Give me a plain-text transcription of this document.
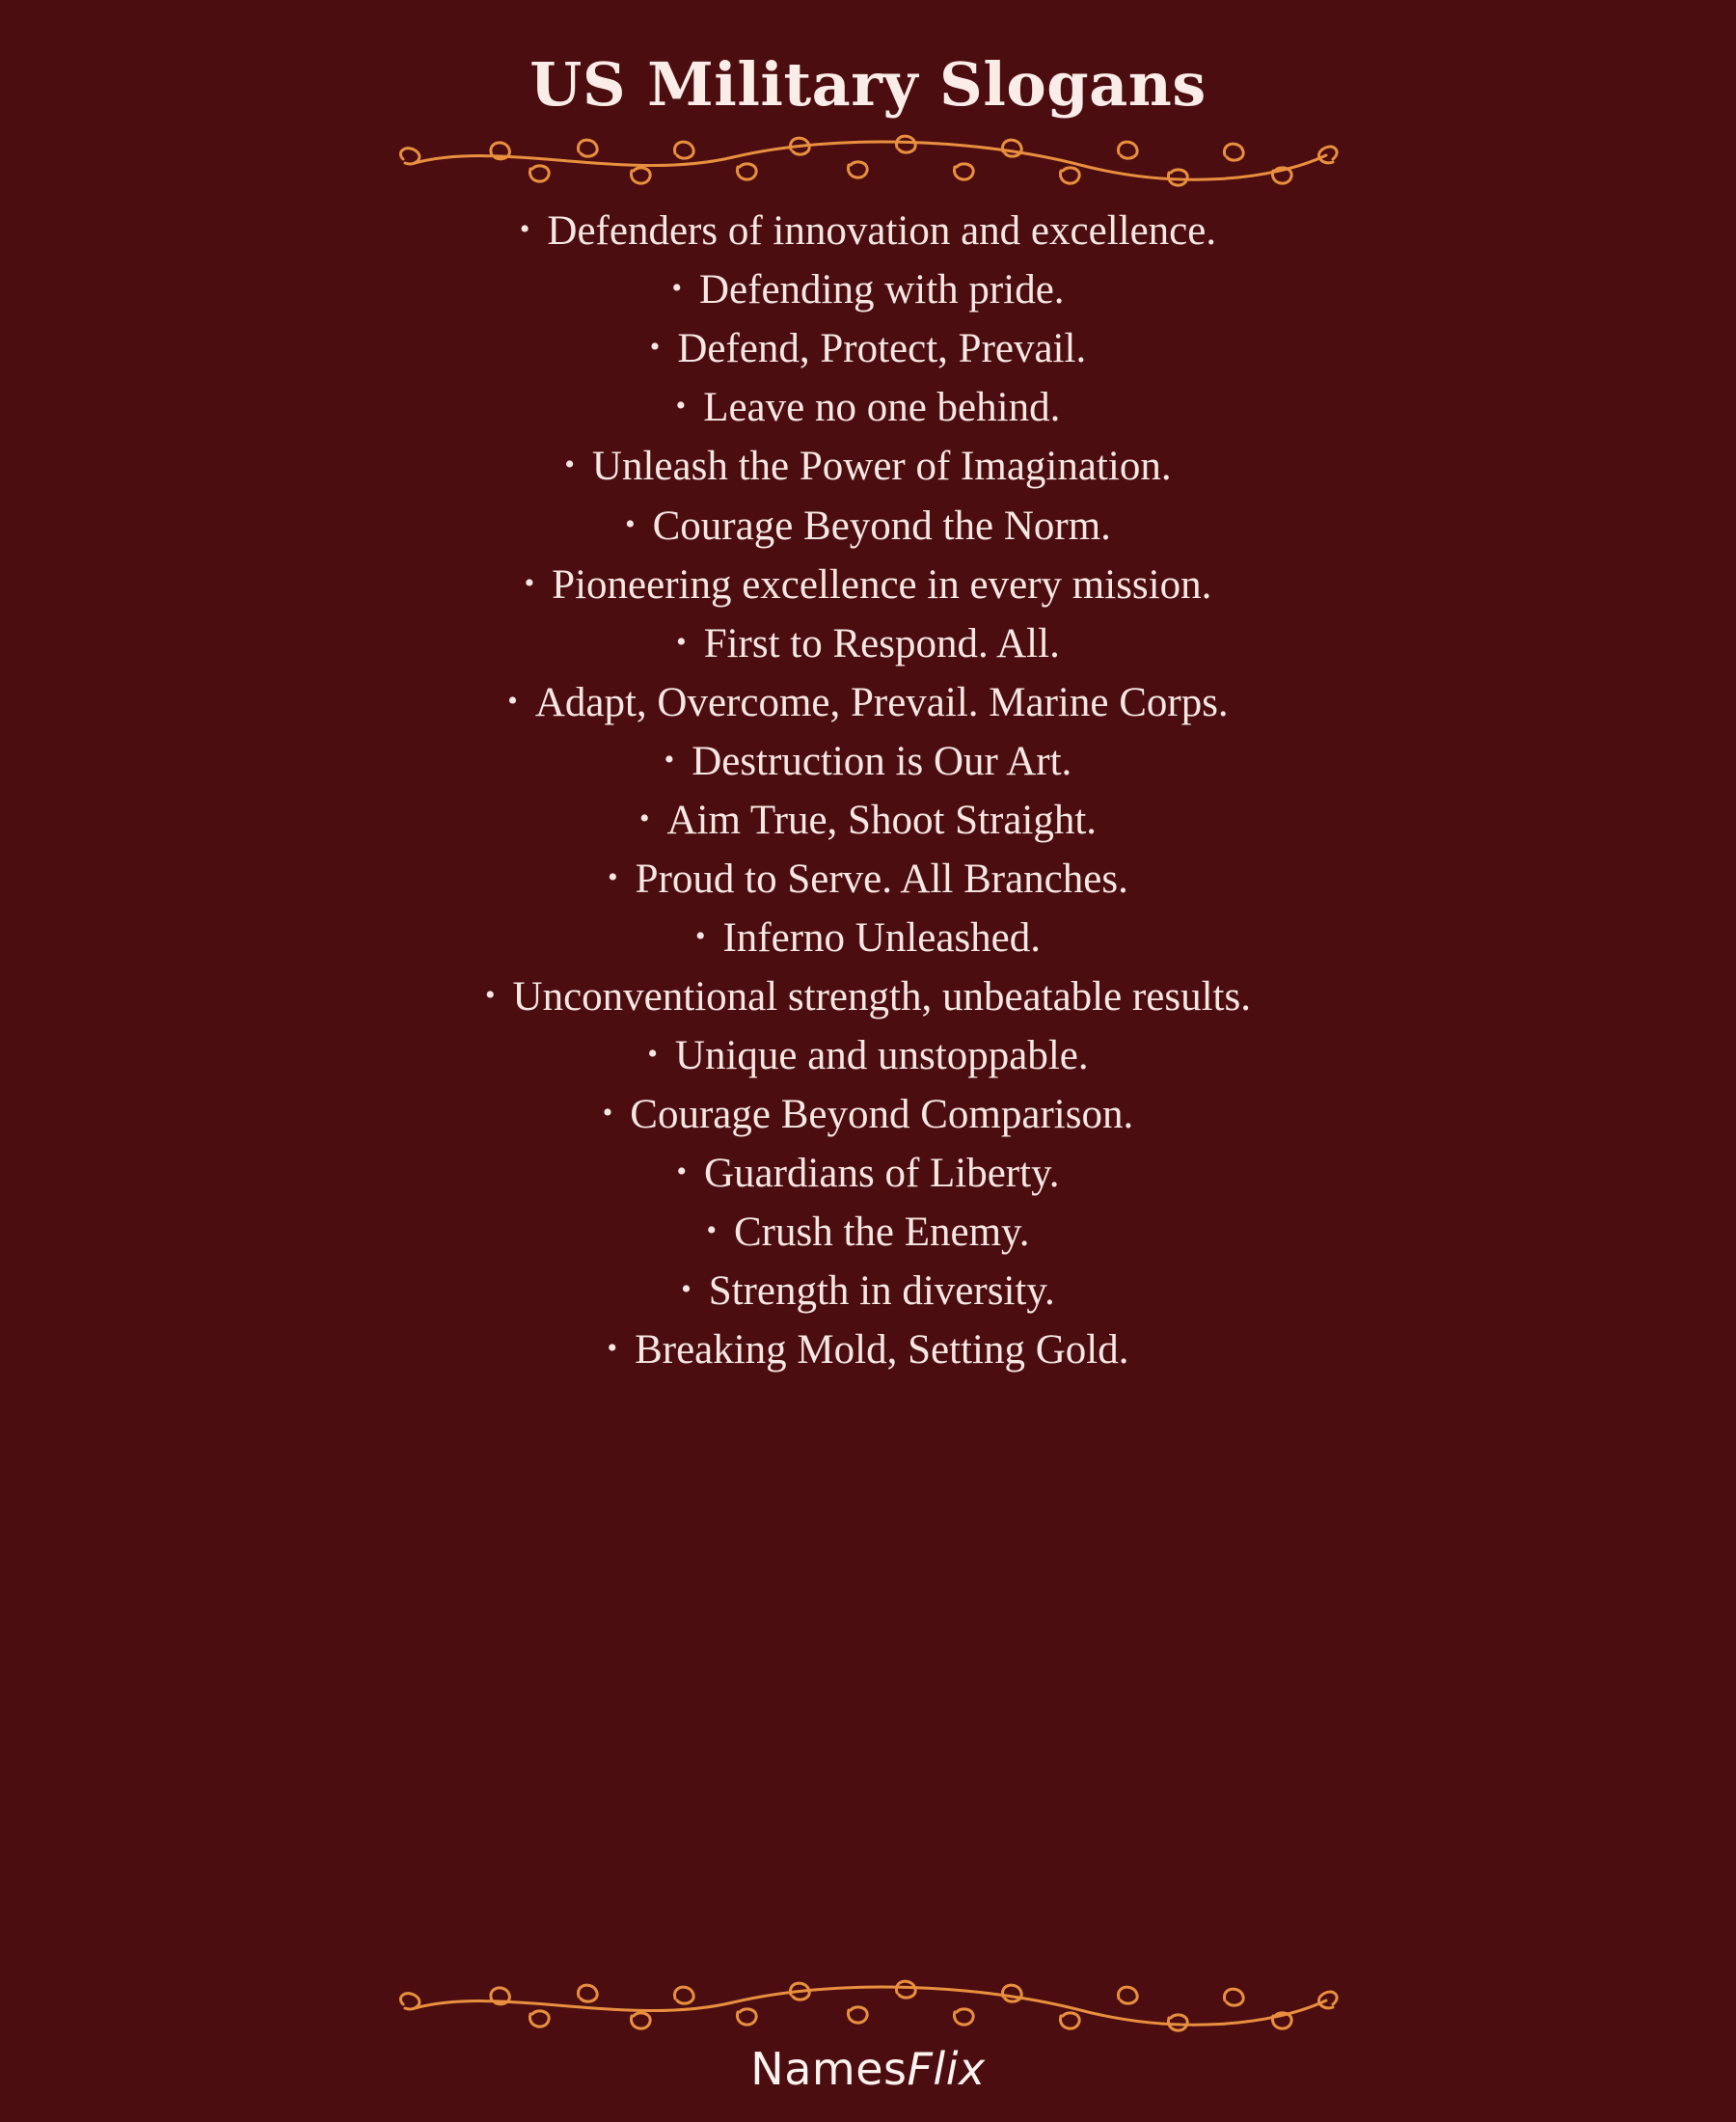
US Military Slogans
• Defenders of innovation and excellence.
• Defending with pride.
• Defend, Protect, Prevail.
• Leave no one behind.
• Unleash the Power of Imagination.
• Courage Beyond the Norm.
• Pioneering excellence in every mission.
• First to Respond. All.
• Adapt, Overcome, Prevail. Marine Corps.
• Destruction is Our Art.
• Aim True, Shoot Straight.
• Proud to Serve. All Branches.
• Inferno Unleashed.
• Unconventional strength, unbeatable results.
• Unique and unstoppable.
• Courage Beyond Comparison.
• Guardians of Liberty.
• Crush the Enemy.
• Strength in diversity.
• Breaking Mold, Setting Gold.
NamesFlix
